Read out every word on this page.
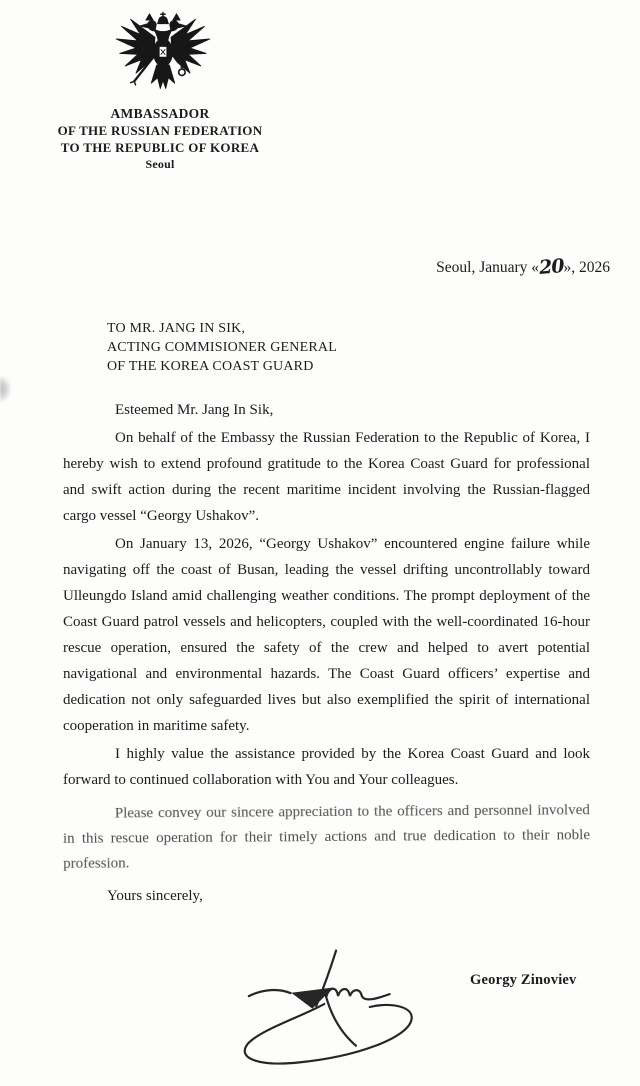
AMBASSADOR
OF THE RUSSIAN FEDERATION
TO THE REPUBLIC OF KOREA
Seoul
Seoul, January «20», 2026
TO MR. JANG IN SIK,
ACTING COMMISIONER GENERAL
OF THE KOREA COAST GUARD

Esteemed Mr. Jang In Sik,

On behalf of the Embassy the Russian Federation to the Republic of Korea, I hereby wish to extend profound gratitude to the Korea Coast Guard for professional and swift action during the recent maritime incident involving the Russian-flagged cargo vessel “Georgy Ushakov”.

On January 13, 2026, “Georgy Ushakov” encountered engine failure while navigating off the coast of Busan, leading the vessel drifting uncontrollably toward Ulleungdo Island amid challenging weather conditions. The prompt deployment of the Coast Guard patrol vessels and helicopters, coupled with the well-coordinated 16-hour rescue operation, ensured the safety of the crew and helped to avert potential navigational and environmental hazards. The Coast Guard officers’ expertise and dedication not only safeguarded lives but also exemplified the spirit of international cooperation in maritime safety.

I highly value the assistance provided by the Korea Coast Guard and look forward to continued collaboration with You and Your colleagues.

Please convey our sincere appreciation to the officers and personnel involved in this rescue operation for their timely actions and true dedication to their noble profession.

Yours sincerely,
Georgy Zinoviev
